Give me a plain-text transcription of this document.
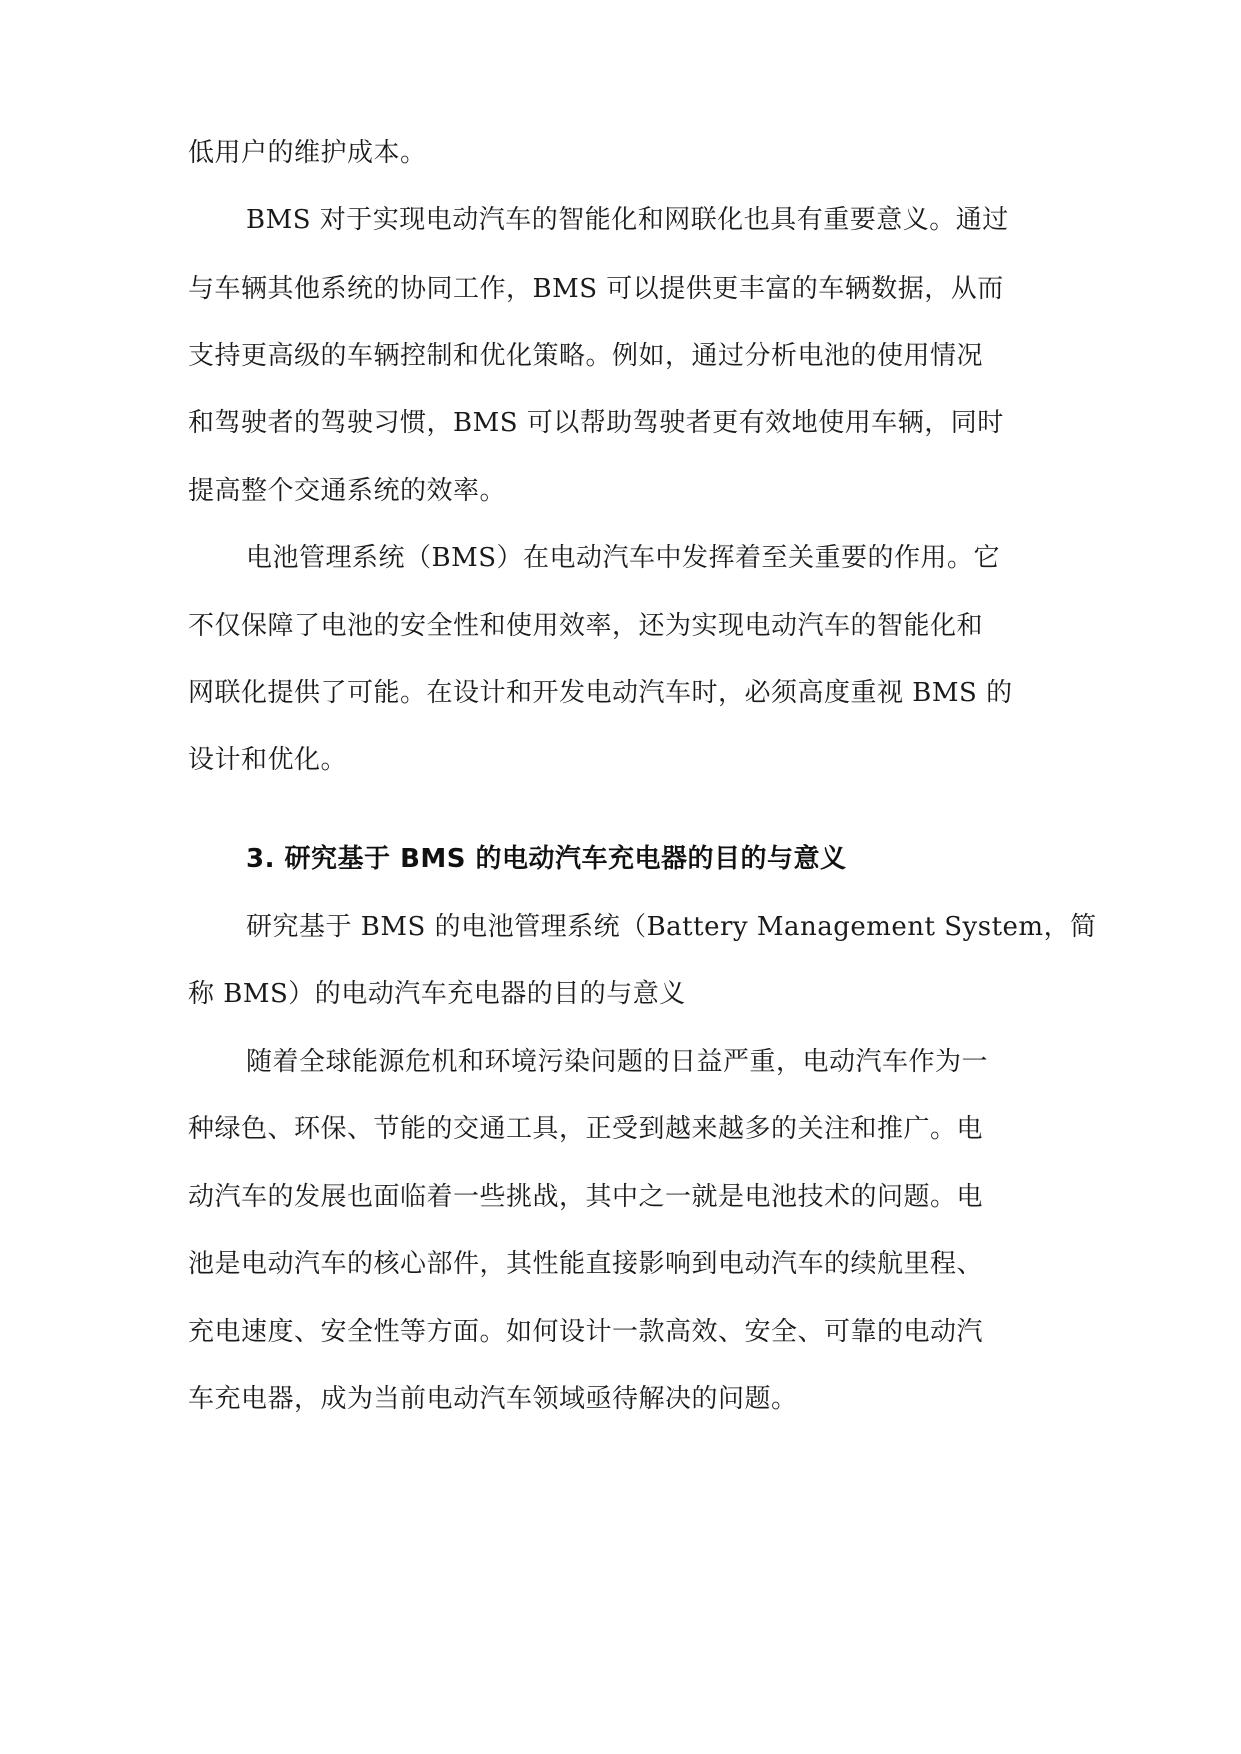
低用户的维护成本。
BMS 对于实现电动汽车的智能化和网联化也具有重要意义。通过
与车辆其他系统的协同工作，BMS 可以提供更丰富的车辆数据，从而
支持更高级的车辆控制和优化策略。例如，通过分析电池的使用情况
和驾驶者的驾驶习惯，BMS 可以帮助驾驶者更有效地使用车辆，同时
提高整个交通系统的效率。
电池管理系统（BMS）在电动汽车中发挥着至关重要的作用。它
不仅保障了电池的安全性和使用效率，还为实现电动汽车的智能化和
网联化提供了可能。在设计和开发电动汽车时，必须高度重视 BMS 的
设计和优化。
3. 研究基于 BMS 的电动汽车充电器的目的与意义
研究基于 BMS 的电池管理系统（Battery Management System，简
称 BMS）的电动汽车充电器的目的与意义
随着全球能源危机和环境污染问题的日益严重，电动汽车作为一
种绿色、环保、节能的交通工具，正受到越来越多的关注和推广。电
动汽车的发展也面临着一些挑战，其中之一就是电池技术的问题。电
池是电动汽车的核心部件，其性能直接影响到电动汽车的续航里程、
充电速度、安全性等方面。如何设计一款高效、安全、可靠的电动汽
车充电器，成为当前电动汽车领域亟待解决的问题。
